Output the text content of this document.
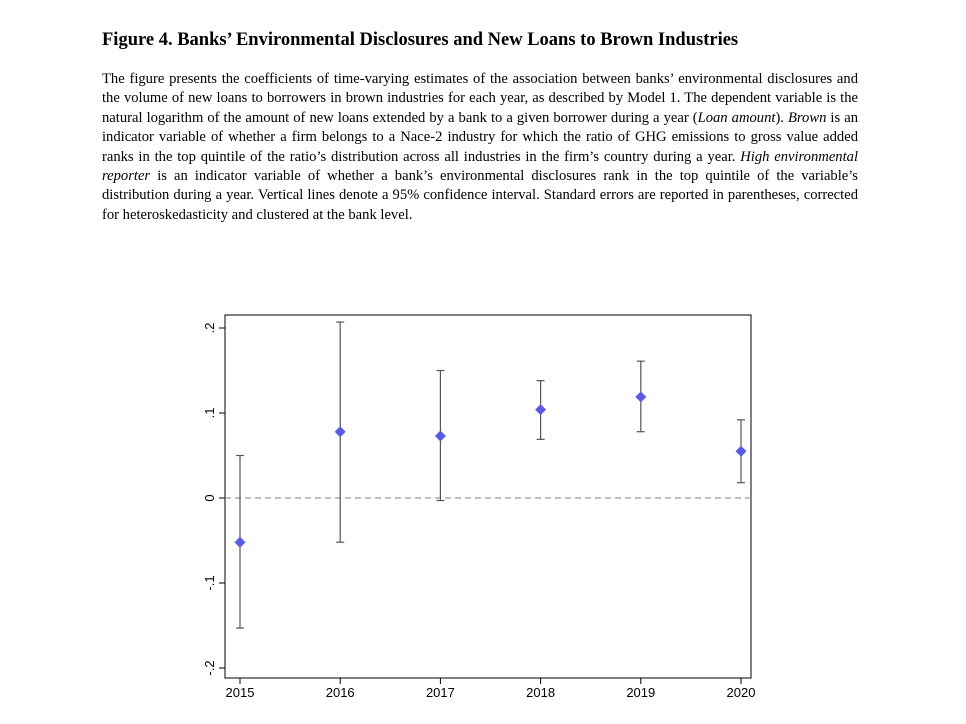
Figure 4. Banks’ Environmental Disclosures and New Loans to Brown Industries
The figure presents the coefficients of time-varying estimates of the association between banks’ environmental disclosures and the volume of new loans to borrowers in brown industries for each year, as described by Model 1. The dependent variable is the natural logarithm of the amount of new loans extended by a bank to a given borrower during a year (Loan amount). Brown is an indicator variable of whether a firm belongs to a Nace-2 industry for which the ratio of GHG emissions to gross value added ranks in the top quintile of the ratio’s distribution across all industries in the firm’s country during a year. High environmental reporter is an indicator variable of whether a bank’s environmental disclosures rank in the top quintile of the variable’s distribution during a year. Vertical lines denote a 95% confidence interval. Standard errors are reported in parentheses, corrected for heteroskedasticity and clustered at the bank level.
-.2
-.1
0
.1
.2
2015	2016	2017	2018	2019	2020
